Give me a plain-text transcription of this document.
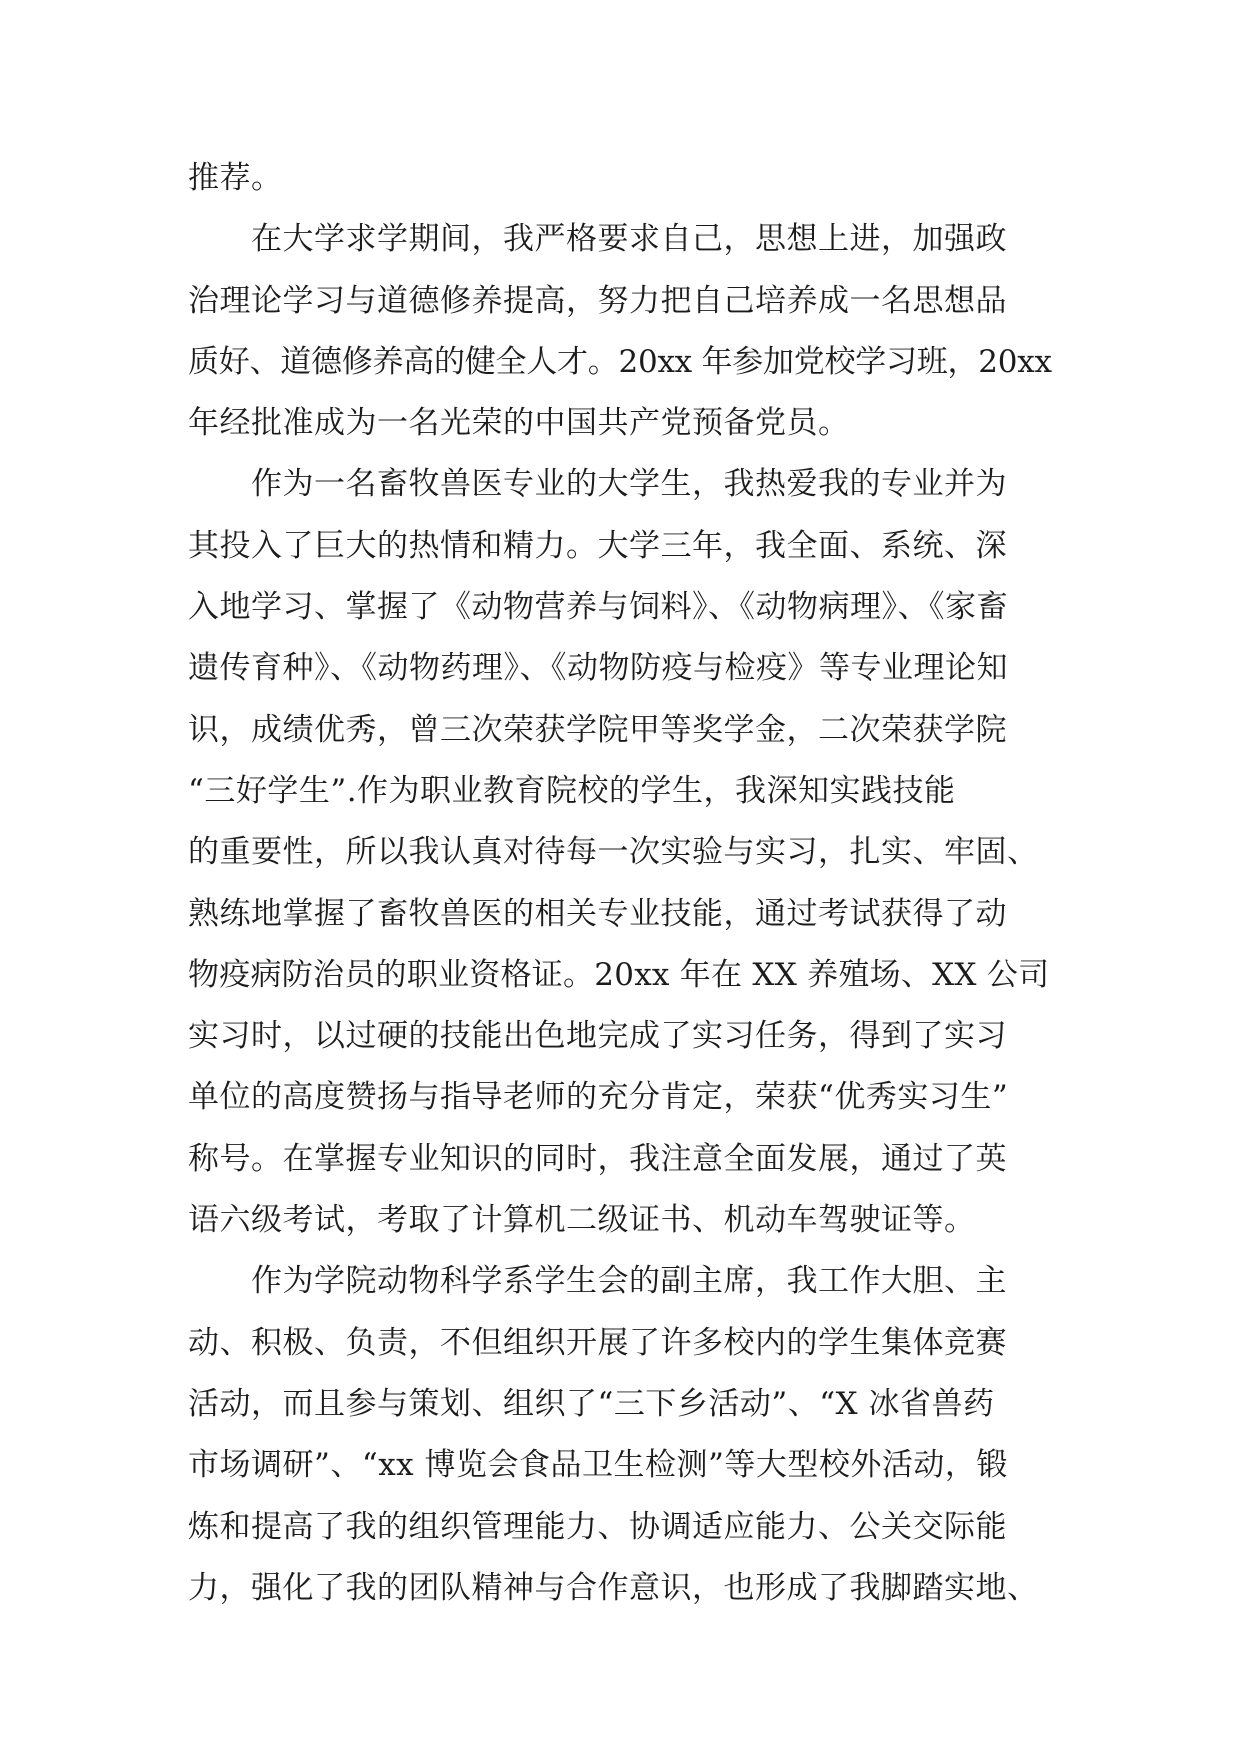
推荐。
　　在大学求学期间，我严格要求自己，思想上进，加强政
治理论学习与道德修养提高，努力把自己培养成一名思想品
质好、道德修养高的健全人才。20xx 年参加党校学习班，20xx
年经批准成为一名光荣的中国共产党预备党员。
　　作为一名畜牧兽医专业的大学生，我热爱我的专业并为
其投入了巨大的热情和精力。大学三年，我全面、系统、深
入地学习、掌握了《动物营养与饲料》、《动物病理》、《家畜
遗传育种》、《动物药理》、《动物防疫与检疫》等专业理论知
识，成绩优秀，曾三次荣获学院甲等奖学金，二次荣获学院
“三好学生”.作为职业教育院校的学生，我深知实践技能
的重要性，所以我认真对待每一次实验与实习，扎实、牢固、
熟练地掌握了畜牧兽医的相关专业技能，通过考试获得了动
物疫病防治员的职业资格证。20xx 年在 XX 养殖场、XX 公司
实习时，以过硬的技能出色地完成了实习任务，得到了实习
单位的高度赞扬与指导老师的充分肯定，荣获“优秀实习生”
称号。在掌握专业知识的同时，我注意全面发展，通过了英
语六级考试，考取了计算机二级证书、机动车驾驶证等。
　　作为学院动物科学系学生会的副主席，我工作大胆、主
动、积极、负责，不但组织开展了许多校内的学生集体竞赛
活动，而且参与策划、组织了“三下乡活动”、“X 冰省兽药
市场调研”、“xx 博览会食品卫生检测”等大型校外活动，锻
炼和提高了我的组织管理能力、协调适应能力、公关交际能
力，强化了我的团队精神与合作意识，也形成了我脚踏实地、
